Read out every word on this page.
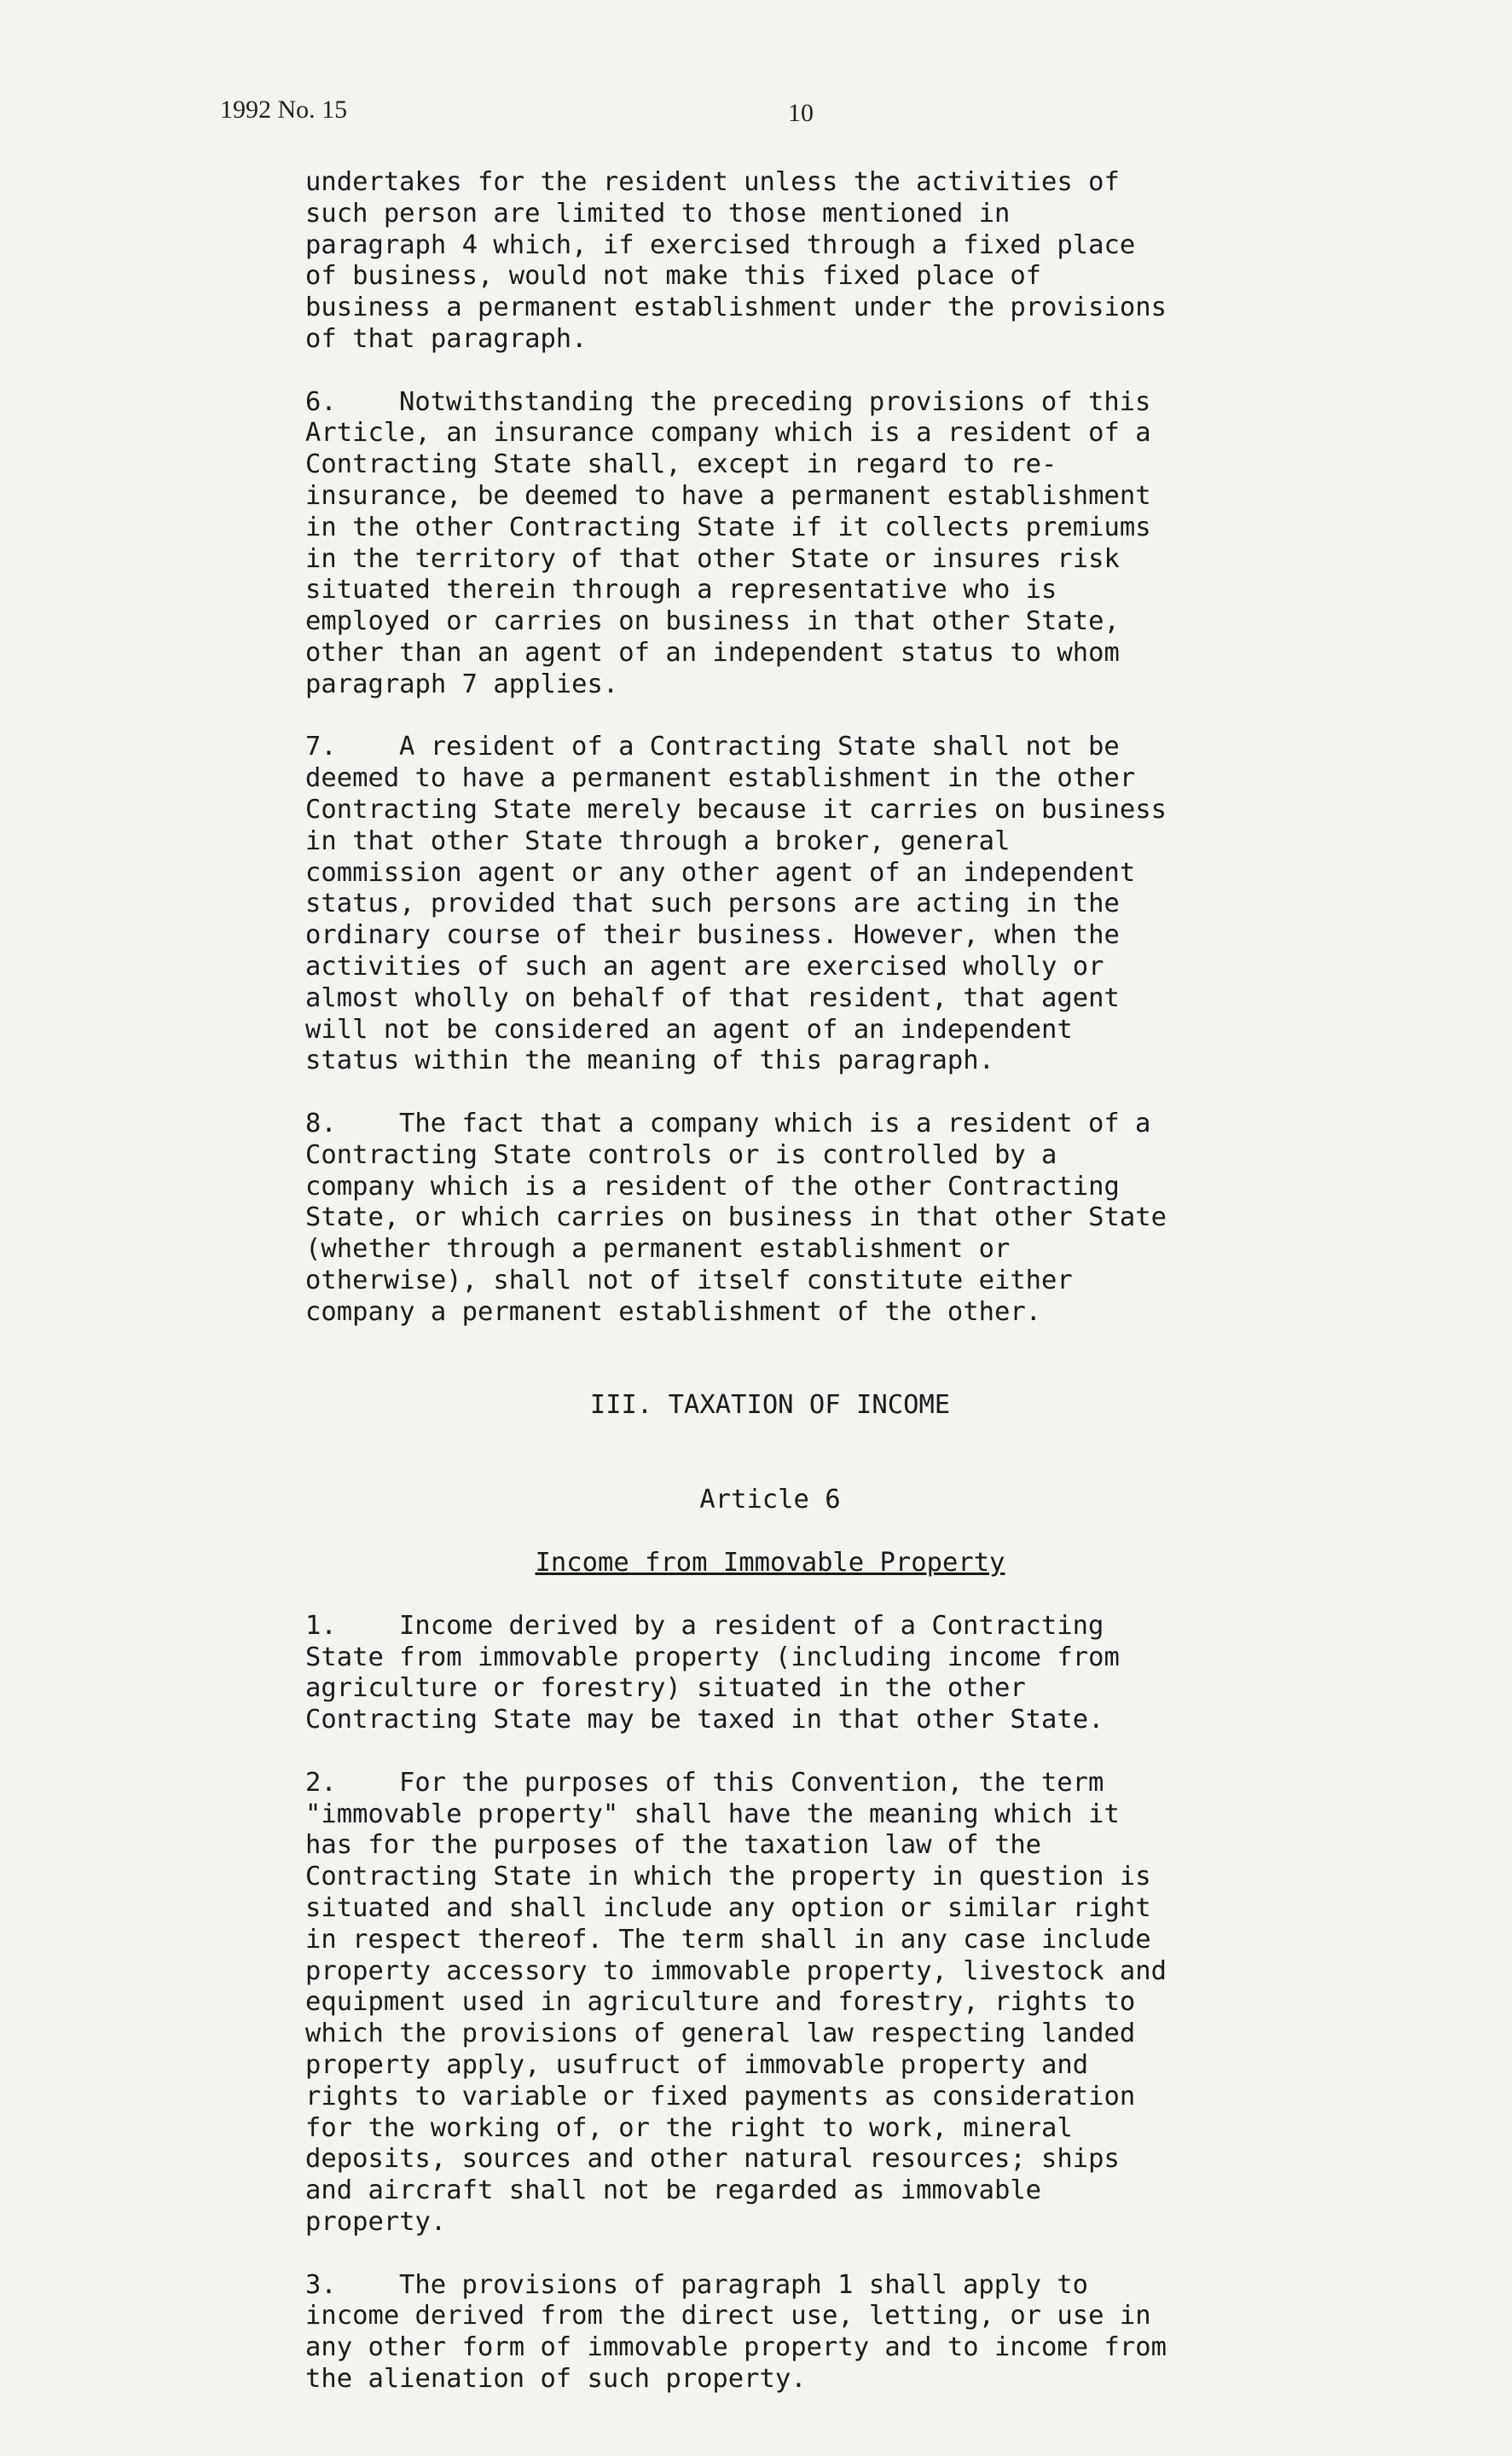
1992 No. 15	10

undertakes for the resident unless the activities of
such person are limited to those mentioned in
paragraph 4 which, if exercised through a fixed place
of business, would not make this fixed place of
business a permanent establishment under the provisions
of that paragraph.

6. Notwithstanding the preceding provisions of this
Article, an insurance company which is a resident of a
Contracting State shall, except in regard to re-
insurance, be deemed to have a permanent establishment
in the other Contracting State if it collects premiums
in the territory of that other State or insures risk
situated therein through a representative who is
employed or carries on business in that other State,
other than an agent of an independent status to whom
paragraph 7 applies.

7. A resident of a Contracting State shall not be
deemed to have a permanent establishment in the other
Contracting State merely because it carries on business
in that other State through a broker, general
commission agent or any other agent of an independent
status, provided that such persons are acting in the
ordinary course of their business. However, when the
activities of such an agent are exercised wholly or
almost wholly on behalf of that resident, that agent
will not be considered an agent of an independent
status within the meaning of this paragraph.

8. The fact that a company which is a resident of a
Contracting State controls or is controlled by a
company which is a resident of the other Contracting
State, or which carries on business in that other State
(whether through a permanent establishment or
otherwise), shall not of itself constitute either
company a permanent establishment of the other.

III. TAXATION OF INCOME
Article 6
Income from Immovable Property

1. Income derived by a resident of a Contracting
State from immovable property (including income from
agriculture or forestry) situated in the other
Contracting State may be taxed in that other State.

2. For the purposes of this Convention, the term
"immovable property" shall have the meaning which it
has for the purposes of the taxation law of the
Contracting State in which the property in question is
situated and shall include any option or similar right
in respect thereof. The term shall in any case include
property accessory to immovable property, livestock and
equipment used in agriculture and forestry, rights to
which the provisions of general law respecting landed
property apply, usufruct of immovable property and
rights to variable or fixed payments as consideration
for the working of, or the right to work, mineral
deposits, sources and other natural resources; ships
and aircraft shall not be regarded as immovable
property.

3. The provisions of paragraph 1 shall apply to
income derived from the direct use, letting, or use in
any other form of immovable property and to income from
the alienation of such property.
